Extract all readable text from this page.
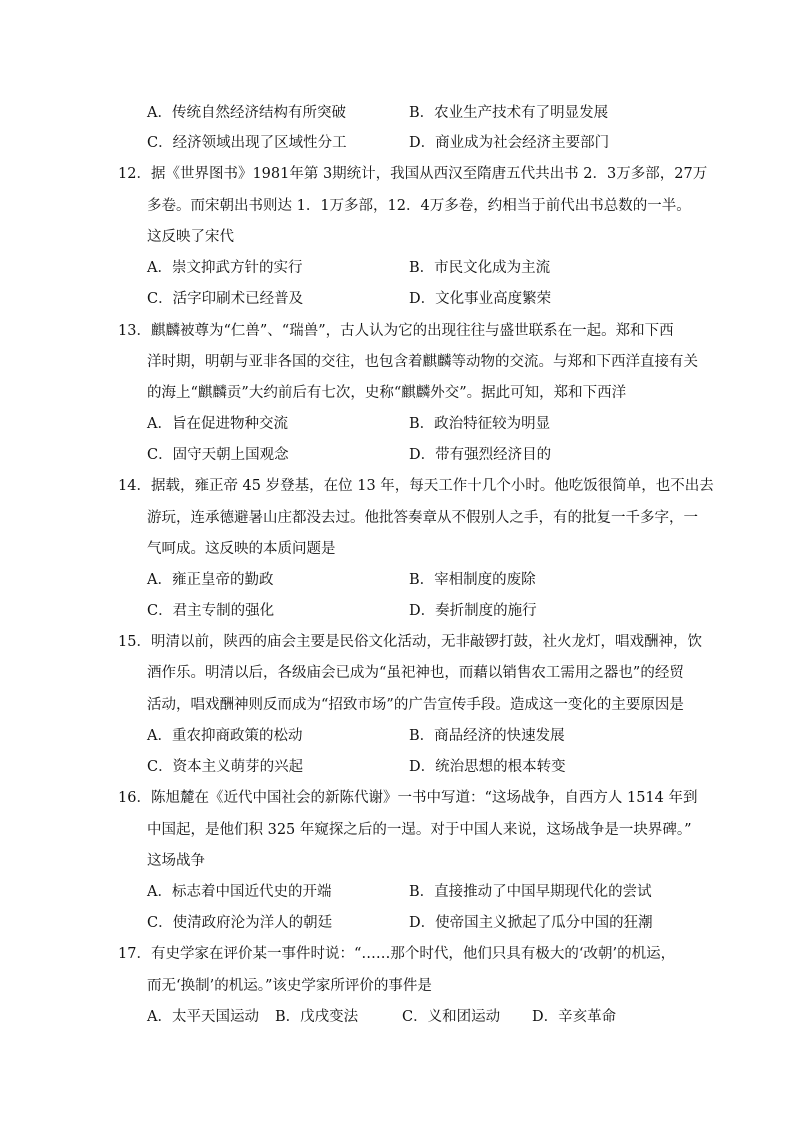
A．传统自然经济结构有所突破	B．农业生产技术有了明显发展
C．经济领域出现了区域性分工	D．商业成为社会经济主要部门
12．据《世界图书》1981年第 3期统计，我国从西汉至隋唐五代共出书 2．3万多部，27万
多卷。而宋朝出书则达 1．1万多部，12．4万多卷，约相当于前代出书总数的一半。
这反映了宋代
A．崇文抑武方针的实行	B．市民文化成为主流
C．活字印刷术已经普及	D．文化事业高度繁荣
13．麒麟被尊为“仁兽”、“瑞兽”，古人认为它的出现往往与盛世联系在一起。郑和下西
洋时期，明朝与亚非各国的交往，也包含着麒麟等动物的交流。与郑和下西洋直接有关
的海上“麒麟贡”大约前后有七次，史称“麒麟外交”。据此可知，郑和下西洋
A．旨在促进物种交流	B．政治特征较为明显
C．固守天朝上国观念	D．带有强烈经济目的
14．据载，雍正帝 45 岁登基，在位 13 年，每天工作十几个小时。他吃饭很简单，也不出去
游玩，连承德避暑山庄都没去过。他批答奏章从不假别人之手，有的批复一千多字，一
气呵成。这反映的本质问题是
A．雍正皇帝的勤政	B．宰相制度的废除
C．君主专制的强化	D．奏折制度的施行
15．明清以前，陕西的庙会主要是民俗文化活动，无非敲锣打鼓，社火龙灯，唱戏酬神，饮
酒作乐。明清以后，各级庙会已成为“虽祀神也，而藉以销售农工需用之器也”的经贸
活动，唱戏酬神则反而成为“招致市场”的广告宣传手段。造成这一变化的主要原因是
A．重农抑商政策的松动	B．商品经济的快速发展
C．资本主义萌芽的兴起	D．统治思想的根本转变
16．陈旭麓在《近代中国社会的新陈代谢》一书中写道：“这场战争，自西方人 1514 年到
中国起，是他们积 325 年窥探之后的一逞。对于中国人来说，这场战争是一块界碑。”
这场战争
A．标志着中国近代史的开端	B．直接推动了中国早期现代化的尝试
C．使清政府沦为洋人的朝廷	D．使帝国主义掀起了瓜分中国的狂潮
17．有史学家在评价某一事件时说：“……那个时代，他们只具有极大的‘改朝’的机运，
而无‘换制’的机运。”该史学家所评价的事件是
A．太平天国运动 B．戊戌变法	C．义和团运动 D．辛亥革命
